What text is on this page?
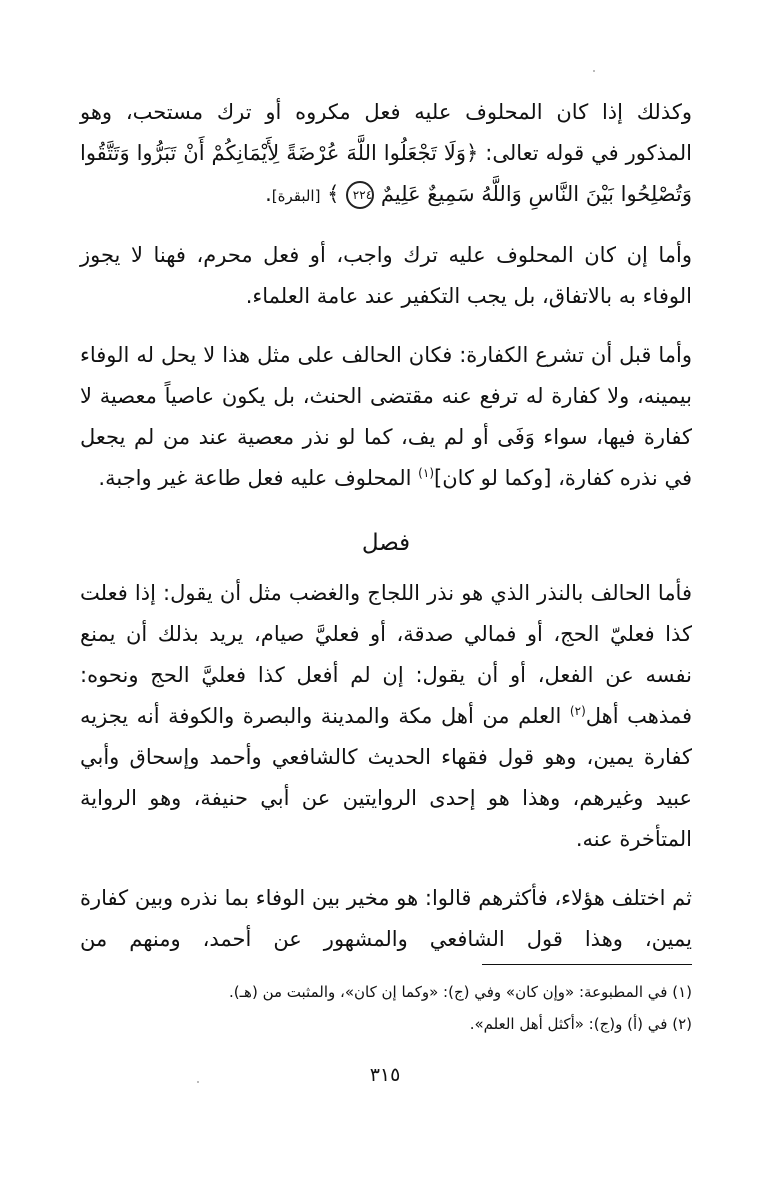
وكذلك إذا كان المحلوف عليه فعل مكروه أو ترك مستحب، وهو المذكور في قوله تعالى: ﴿وَلَا تَجْعَلُوا اللَّهَ عُرْضَةً لِأَيْمَانِكُمْ أَنْ تَبَرُّوا وَتَتَّقُوا وَتُصْلِحُوا بَيْنَ النَّاسِ وَاللَّهُ سَمِيعٌ عَلِيمٌ ٢٢٤ ﴾ [البقرة].

وأما إن كان المحلوف عليه ترك واجب، أو فعل محرم، فهنا لا يجوز الوفاء به بالاتفاق، بل يجب التكفير عند عامة العلماء.

وأما قبل أن تشرع الكفارة: فكان الحالف على مثل هذا لا يحل له الوفاء بيمينه، ولا كفارة له ترفع عنه مقتضى الحنث، بل يكون عاصياً معصية لا كفارة فيها، سواء وَفَى أو لم يف، كما لو نذر معصية عند من لم يجعل في نذره كفارة، [وكما لو كان]$^{(١)}$ المحلوف عليه فعل طاعة غير واجبة.

فصل

فأما الحالف بالنذر الذي هو نذر اللجاج والغضب مثل أن يقول: إذا فعلت كذا فعليّ الحج، أو فمالي صدقة، أو فعليَّ صيام، يريد بذلك أن يمنع نفسه عن الفعل، أو أن يقول: إن لم أفعل كذا فعليَّ الحج ونحوه: فمذهب أهل$^{(٢)}$ العلم من أهل مكة والمدينة والبصرة والكوفة أنه يجزيه كفارة يمين، وهو قول فقهاء الحديث كالشافعي وأحمد وإسحاق وأبي عبيد وغيرهم، وهذا هو إحدى الروايتين عن أبي حنيفة، وهو الرواية المتأخرة عنه.

ثم اختلف هؤلاء، فأكثرهم قالوا: هو مخير بين الوفاء بما نذره وبين كفارة يمين، وهذا قول الشافعي والمشهور عن أحمد، ومنهم من

(١) في المطبوعة: «وإن كان» وفي (ج): «وكما إن كان»، والمثبت من (هـ).

(٢) في (أ) و(ج): «أكثل أهل العلم».

٣١٥
